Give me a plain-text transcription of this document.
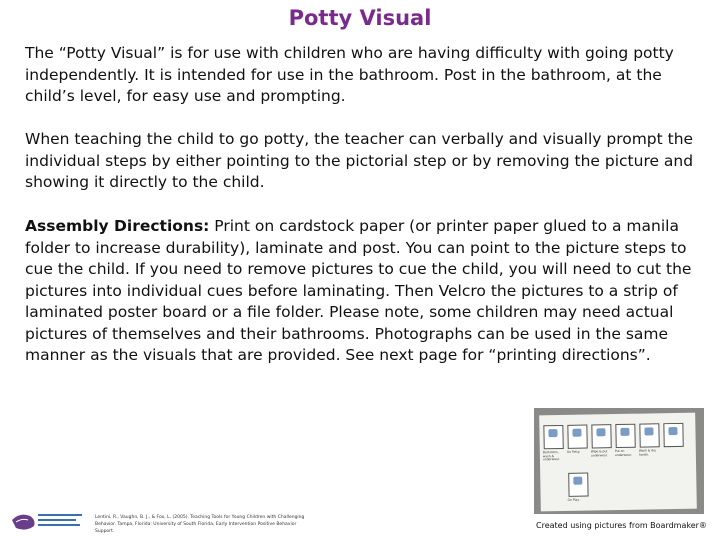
Potty Visual

The “Potty Visual” is for use with children who are having difficulty with going potty independently. It is intended for use in the bathroom. Post in the bathroom, at the child’s level, for easy use and prompting.

When teaching the child to go potty, the teacher can verbally and visually prompt the individual steps by either pointing to the pictorial step or by removing the picture and showing it directly to the child.

Assembly Directions: Print on cardstock paper (or printer paper glued to a manila folder to increase durability), laminate and post. You can point to the picture steps to cue the child. If you need to remove pictures to cue the child, you will need to cut the pictures into individual cues before laminating. Then Velcro the pictures to a strip of laminated poster board or a file folder. Please note, some children may need actual pictures of themselves and their bathrooms. Photographs can be used in the same manner as the visuals that are provided. See next page for “printing directions”.

Bathroom, wash & underwear.
Go Potty.	Wipe & put underwear.
Put on underwear.
Wash & dry hands.
Go Play.
Lentini, R., Vaughn, B. J., & Fox, L. (2005). Teaching Tools for Young Children with Challenging Behavior. Tampa, Florida: University of South Florida, Early Intervention Positive Behavior Support.
Created using pictures from Boardmaker®
